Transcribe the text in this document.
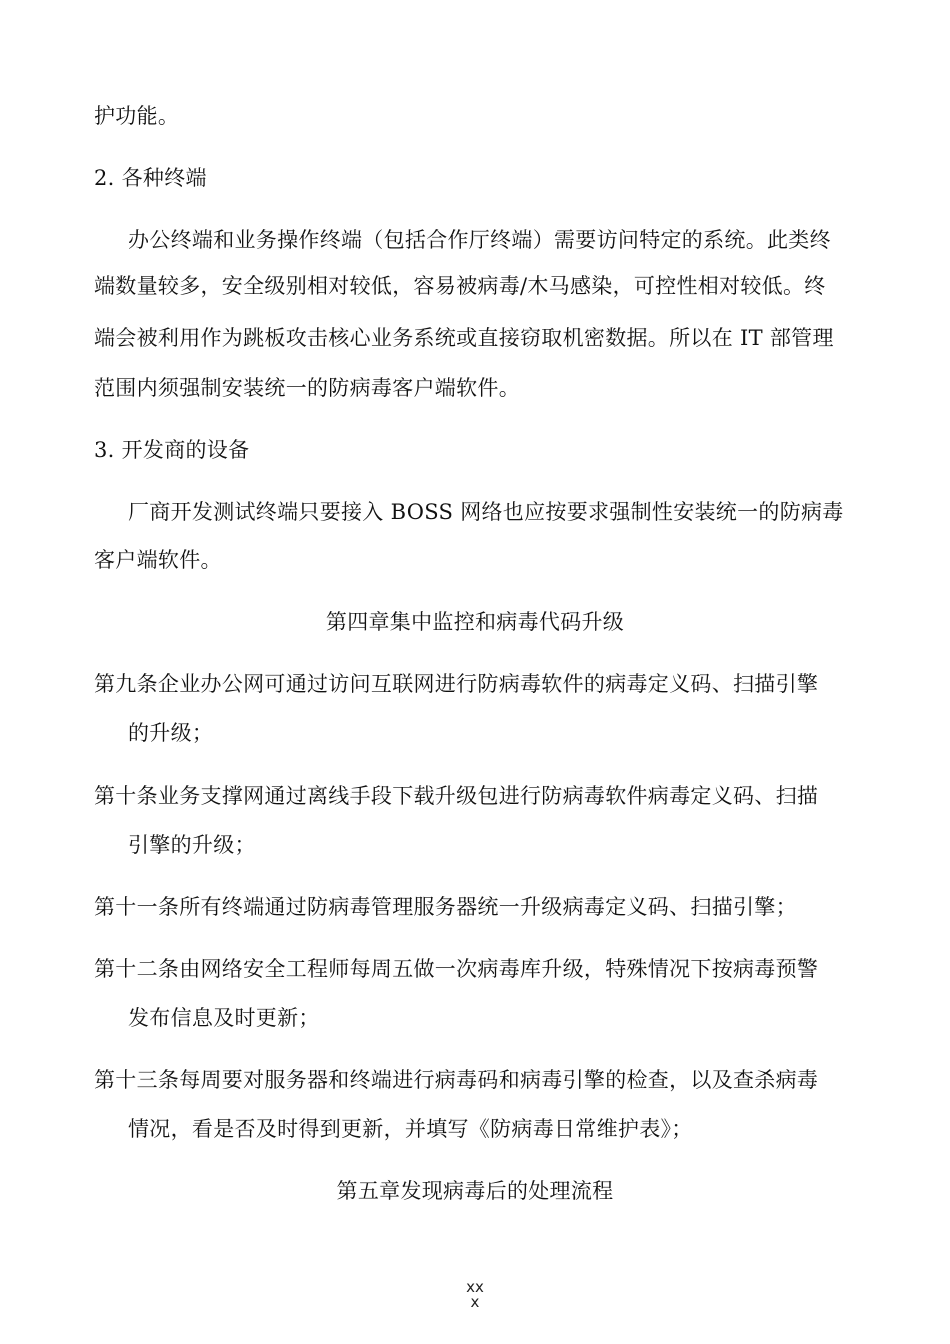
护功能。
2. 各种终端
办公终端和业务操作终端（包括合作厅终端）需要访问特定的系统。此类终
端数量较多，安全级别相对较低，容易被病毒/木马感染，可控性相对较低。终
端会被利用作为跳板攻击核心业务系统或直接窃取机密数据。所以在 IT 部管理
范围内须强制安装统一的防病毒客户端软件。
3. 开发商的设备
厂商开发测试终端只要接入 BOSS 网络也应按要求强制性安装统一的防病毒
客户端软件。
第四章集中监控和病毒代码升级
第九条企业办公网可通过访问互联网进行防病毒软件的病毒定义码、扫描引擎
的升级；
第十条业务支撑网通过离线手段下载升级包进行防病毒软件病毒定义码、扫描
引擎的升级；
第十一条所有终端通过防病毒管理服务器统一升级病毒定义码、扫描引擎；
第十二条由网络安全工程师每周五做一次病毒库升级，特殊情况下按病毒预警
发布信息及时更新；
第十三条每周要对服务器和终端进行病毒码和病毒引擎的检查，以及查杀病毒
情况，看是否及时得到更新，并填写《防病毒日常维护表》；
第五章发现病毒后的处理流程
xx
x
